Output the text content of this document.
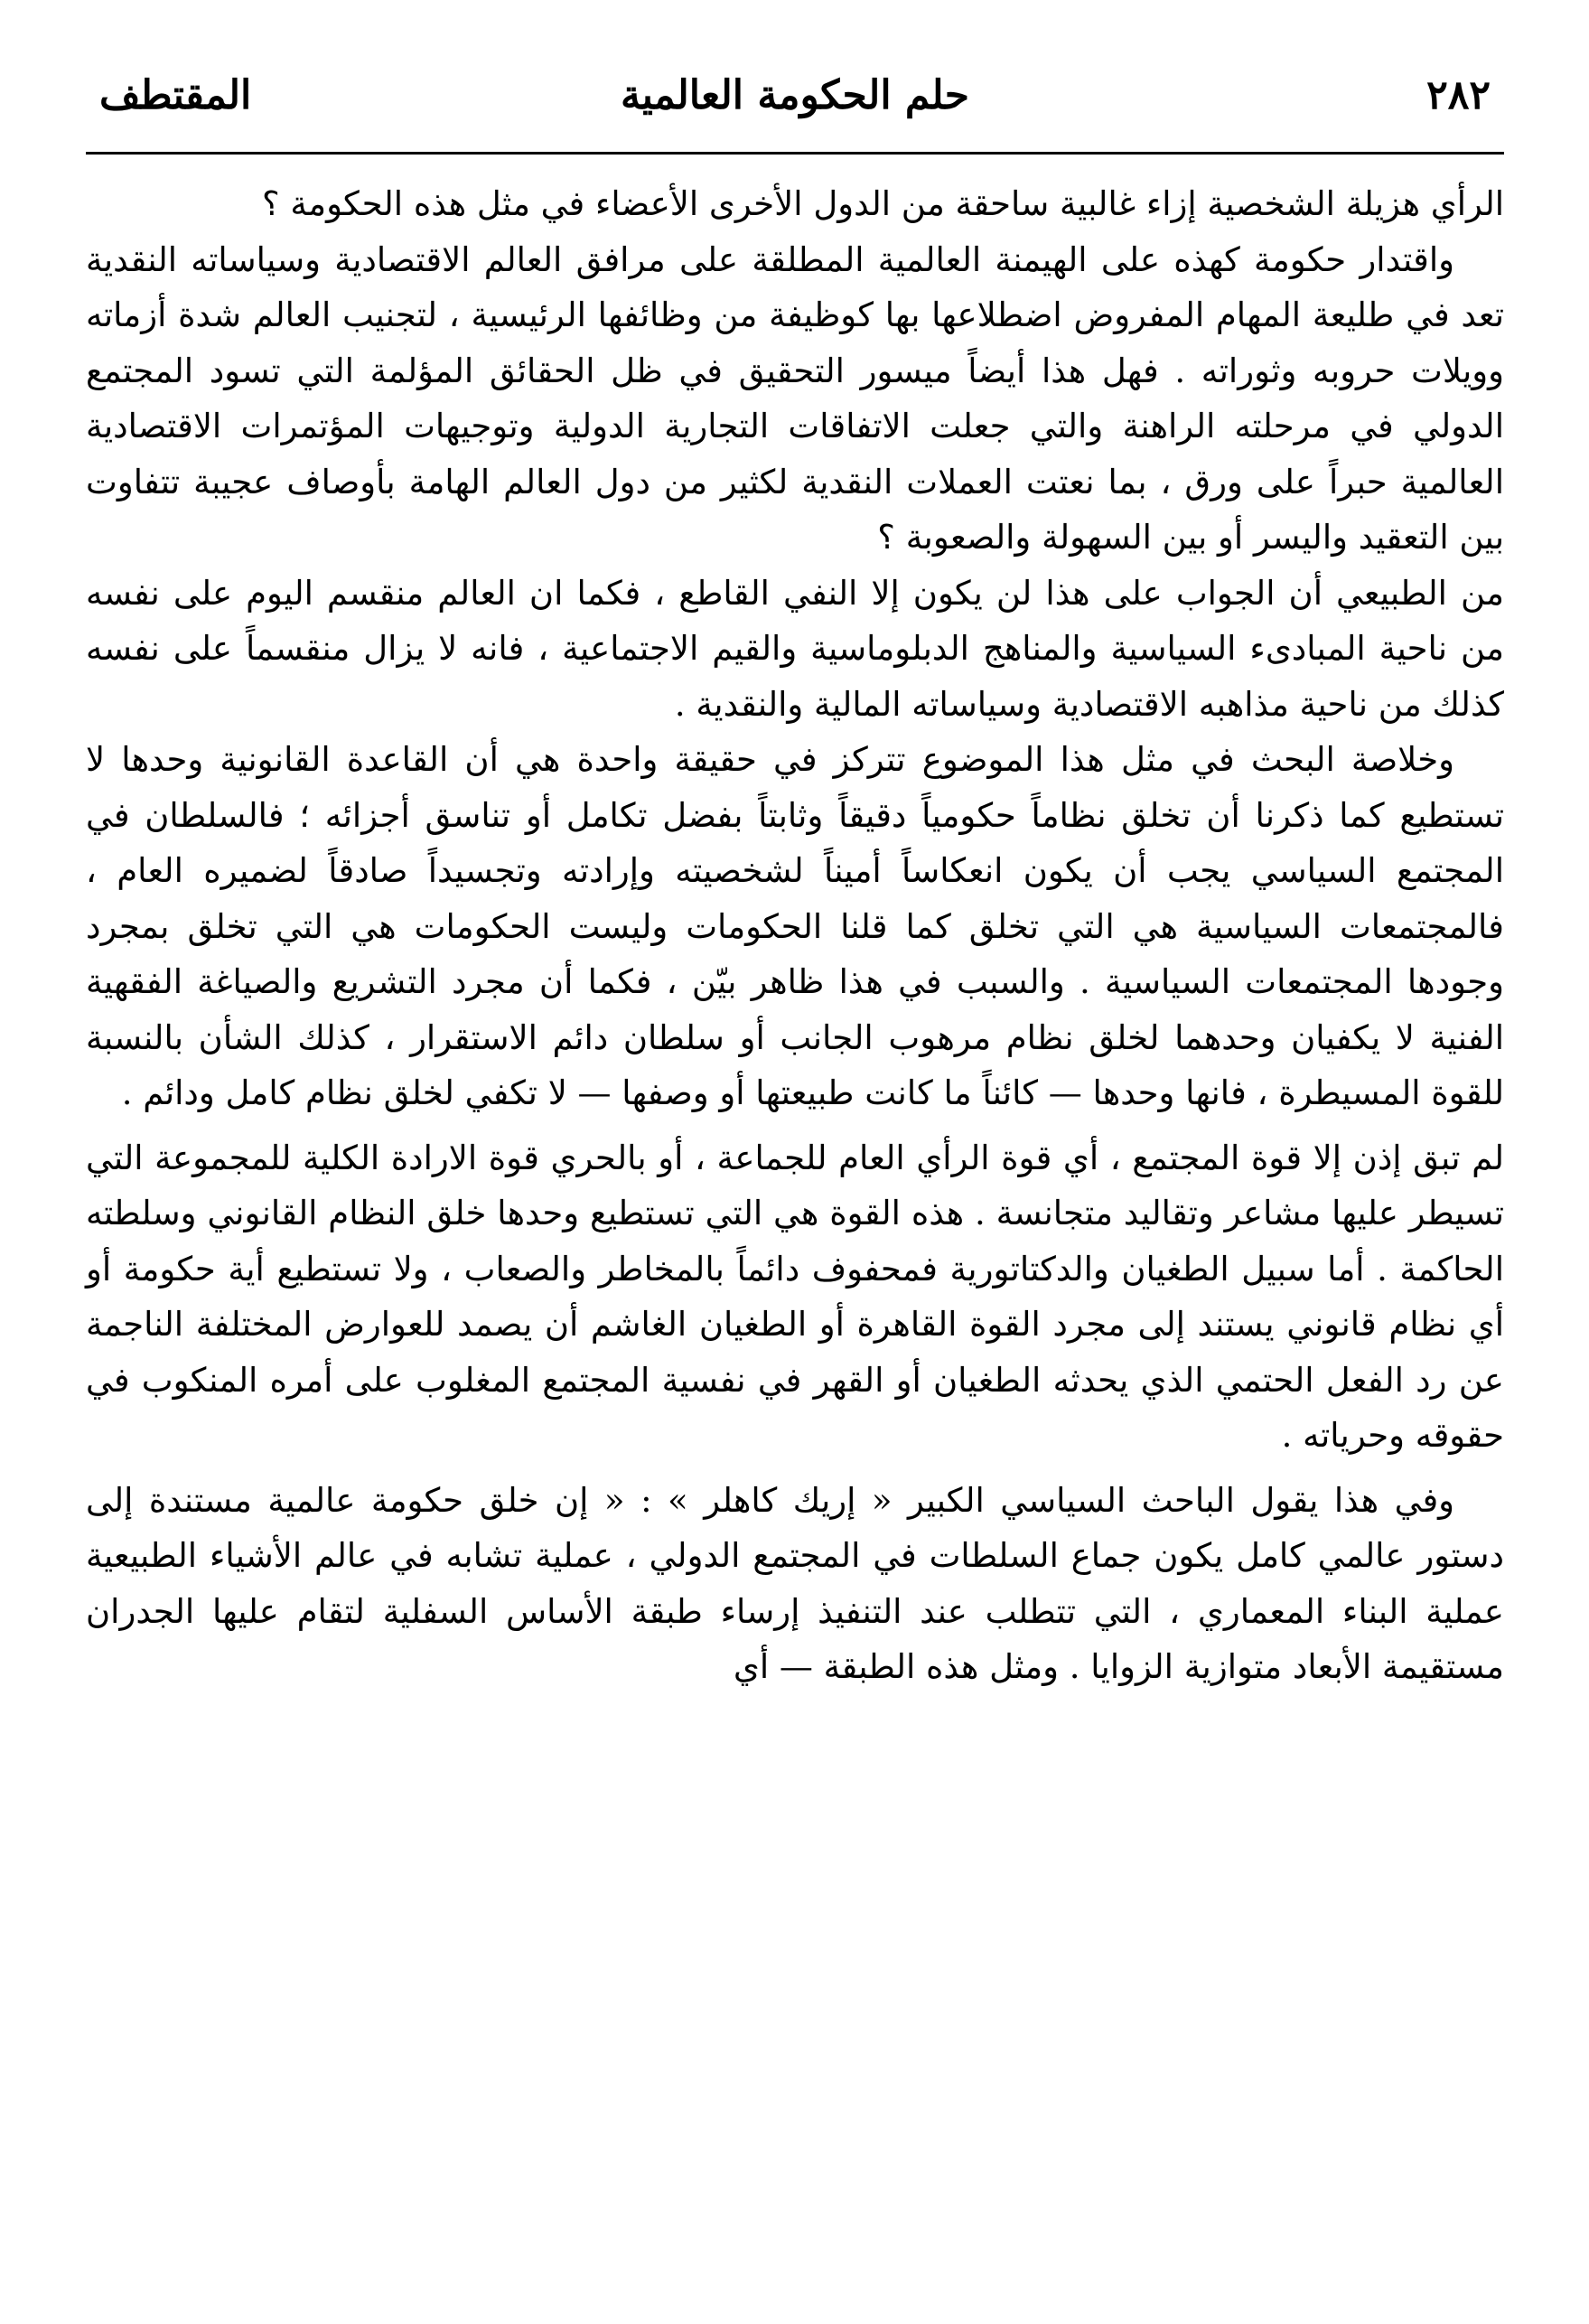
٢٨٢
حلم الحكومة العالمية
المقتطف
الرأي هزيلة الشخصية إزاء غالبية ساحقة من الدول الأخرى الأعضاء في مثل هذه الحكومة ؟
واقتدار حكومة كهذه على الهيمنة العالمية المطلقة على مرافق العالم الاقتصادية وسياساته النقدية تعد في طليعة المهام المفروض اضطلاعها بها كوظيفة من وظائفها الرئيسية ، لتجنيب العالم شدة أزماته وويلات حروبه وثوراته . فهل هذا أيضاً ميسور التحقيق في ظل الحقائق المؤلمة التي تسود المجتمع الدولي في مرحلته الراهنة والتي جعلت الاتفاقات التجارية الدولية وتوجيهات المؤتمرات الاقتصادية العالمية حبراً على ورق ، بما نعتت العملات النقدية لكثير من دول العالم الهامة بأوصاف عجيبة تتفاوت بين التعقيد واليسر أو بين السهولة والصعوبة ؟
من الطبيعي أن الجواب على هذا لن يكون إلا النفي القاطع ، فكما ان العالم منقسم اليوم على نفسه من ناحية المبادىء السياسية والمناهج الدبلوماسية والقيم الاجتماعية ، فانه لا يزال منقسماً على نفسه كذلك من ناحية مذاهبه الاقتصادية وسياساته المالية والنقدية .
وخلاصة البحث في مثل هذا الموضوع تتركز في حقيقة واحدة هي أن القاعدة القانونية وحدها لا تستطيع كما ذكرنا أن تخلق نظاماً حكومياً دقيقاً وثابتاً بفضل تكامل أو تناسق أجزائه ؛ فالسلطان في المجتمع السياسي يجب أن يكون انعكاساً أميناً لشخصيته وإرادته وتجسيداً صادقاً لضميره العام ، فالمجتمعات السياسية هي التي تخلق كما قلنا الحكومات وليست الحكومات هي التي تخلق بمجرد وجودها المجتمعات السياسية . والسبب في هذا ظاهر بيّن ، فكما أن مجرد التشريع والصياغة الفقهية الفنية لا يكفيان وحدهما لخلق نظام مرهوب الجانب أو سلطان دائم الاستقرار ، كذلك الشأن بالنسبة للقوة المسيطرة ، فانها وحدها — كائناً ما كانت طبيعتها أو وصفها — لا تكفي لخلق نظام كامل ودائم .
لم تبق إذن إلا قوة المجتمع ، أي قوة الرأي العام للجماعة ، أو بالحري قوة الارادة الكلية للمجموعة التي تسيطر عليها مشاعر وتقاليد متجانسة . هذه القوة هي التي تستطيع وحدها خلق النظام القانوني وسلطته الحاكمة . أما سبيل الطغيان والدكتاتورية فمحفوف دائماً بالمخاطر والصعاب ، ولا تستطيع أية حكومة أو أي نظام قانوني يستند إلى مجرد القوة القاهرة أو الطغيان الغاشم أن يصمد للعوارض المختلفة الناجمة عن رد الفعل الحتمي الذي يحدثه الطغيان أو القهر في نفسية المجتمع المغلوب على أمره المنكوب في حقوقه وحرياته .
وفي هذا يقول الباحث السياسي الكبير « إريك كاهلر » : « إن خلق حكومة عالمية مستندة إلى دستور عالمي كامل يكون جماع السلطات في المجتمع الدولي ، عملية تشابه في عالم الأشياء الطبيعية عملية البناء المعماري ، التي تتطلب عند التنفيذ إرساء طبقة الأساس السفلية لتقام عليها الجدران مستقيمة الأبعاد متوازية الزوايا . ومثل هذه الطبقة — أي
